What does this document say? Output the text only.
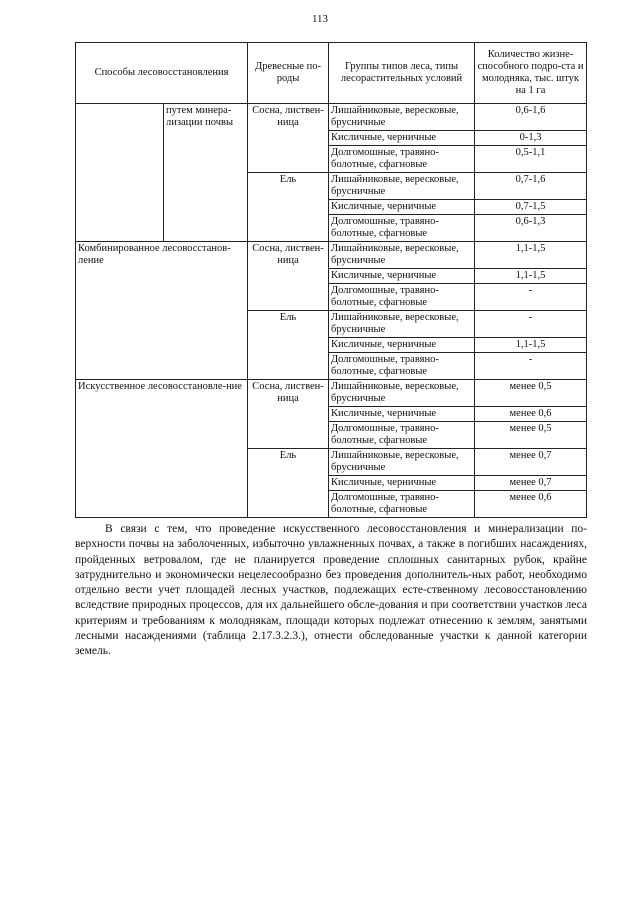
113
Способы лесовосстановления		Древесные по-роды	Группы типов леса, типы лесорастительных условий	Количество жизне-способного подро-ста и молодняка, тыс. штук на 1 га
	путем минера-лизации почвы	Сосна, листвен-ница	Лишайниковые, вересковые, брусничные	0,6-1,6
			Кисличные, черничные	0-1,3
			Долгомошные, травяно-болотные, сфагновые	0,5-1,1
		Ель	Лишайниковые, вересковые, брусничные	0,7-1,6
			Кисличные, черничные	0,7-1,5
			Долгомошные, травяно-болотные, сфагновые	0,6-1,3
Комбинированное лесовосстанов-ление		Сосна, листвен-ница	Лишайниковые, вересковые, брусничные	1,1-1,5
			Кисличные, черничные	1,1-1,5
			Долгомошные, травяно-болотные, сфагновые	-
		Ель	Лишайниковые, вересковые, брусничные	-
			Кисличные, черничные	1,1-1,5
			Долгомошные, травяно-болотные, сфагновые	-
Искусственное лесовосстановле-ние		Сосна, листвен-ница	Лишайниковые, вересковые, брусничные	менее 0,5
			Кисличные, черничные	менее 0,6
			Долгомошные, травяно-болотные, сфагновые	менее 0,5
		Ель	Лишайниковые, вересковые, брусничные	менее 0,7
			Кисличные, черничные	менее 0,7
			Долгомошные, травяно-болотные, сфагновые	менее 0,6
В связи с тем, что проведение искусственного лесовосстановления и минерализации по-верхности почвы на заболоченных, избыточно увлажненных почвах, а также в погибших насаждениях, пройденных ветровалом, где не планируется проведение сплошных санитарных рубок, крайне затруднительно и экономически нецелесообразно без проведения дополнитель-ных работ, необходимо отдельно вести учет площадей лесных участков, подлежащих есте-ственному лесовосстановлению вследствие природных процессов, для их дальнейшего обсле-дования и при соответствии участков леса критериям и требованиям к молоднякам, площади которых подлежат отнесению к землям, занятыми лесными насаждениями (таблица 2.17.3.2.3.), отнести обследованные участки к данной категории земель.
